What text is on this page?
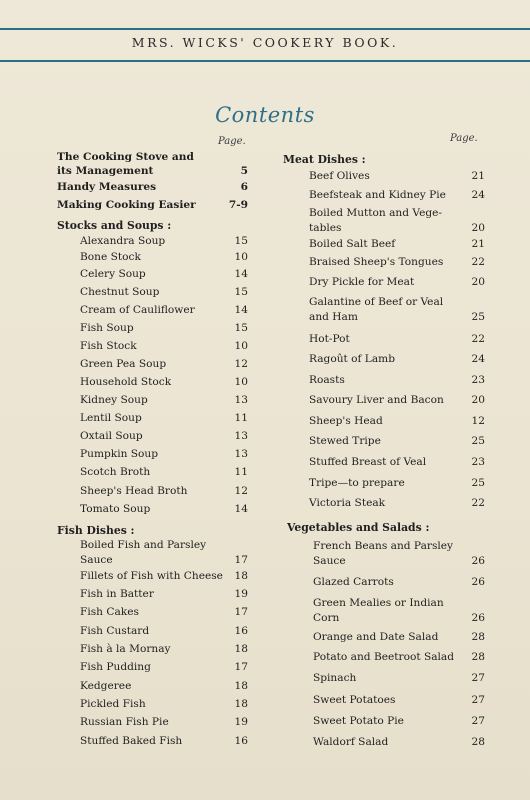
MRS. WICKS' COOKERY BOOK.
Contents
Page.	Page.
The Cooking Stove and
its Management	5
Handy Measures	6
Making Cooking Easier	7-9
Stocks and Soups :
Alexandra Soup	15
Bone Stock	10
Celery Soup	14
Chestnut Soup	15
Cream of Cauliflower	14
Fish Soup	15
Fish Stock	10
Green Pea Soup	12
Household Stock	10
Kidney Soup	13
Lentil Soup	11
Oxtail Soup	13
Pumpkin Soup	13
Scotch Broth	11
Sheep's Head Broth	12
Tomato Soup	14
Fish Dishes :
Boiled Fish and Parsley
Sauce	17
Fillets of Fish with Cheese	18
Fish in Batter	19
Fish Cakes	17
Fish Custard	16
Fish à la Mornay	18
Fish Pudding	17
Kedgeree	18
Pickled Fish	18
Russian Fish Pie	19
Stuffed Baked Fish	16
Meat Dishes :
Beef Olives	21
Beefsteak and Kidney Pie	24
Boiled Mutton and Vege-
tables	20
Boiled Salt Beef	21
Braised Sheep's Tongues	22
Dry Pickle for Meat	20
Galantine of Beef or Veal
and Ham	25
Hot-Pot	22
Ragoût of Lamb	24
Roasts	23
Savoury Liver and Bacon	20
Sheep's Head	12
Stewed Tripe	25
Stuffed Breast of Veal	23
Tripe—to prepare	25
Victoria Steak	22
Vegetables and Salads :
French Beans and Parsley
Sauce	26
Glazed Carrots	26
Green Mealies or Indian
Corn	26
Orange and Date Salad	28
Potato and Beetroot Salad	28
Spinach	27
Sweet Potatoes	27
Sweet Potato Pie	27
Waldorf Salad	28
